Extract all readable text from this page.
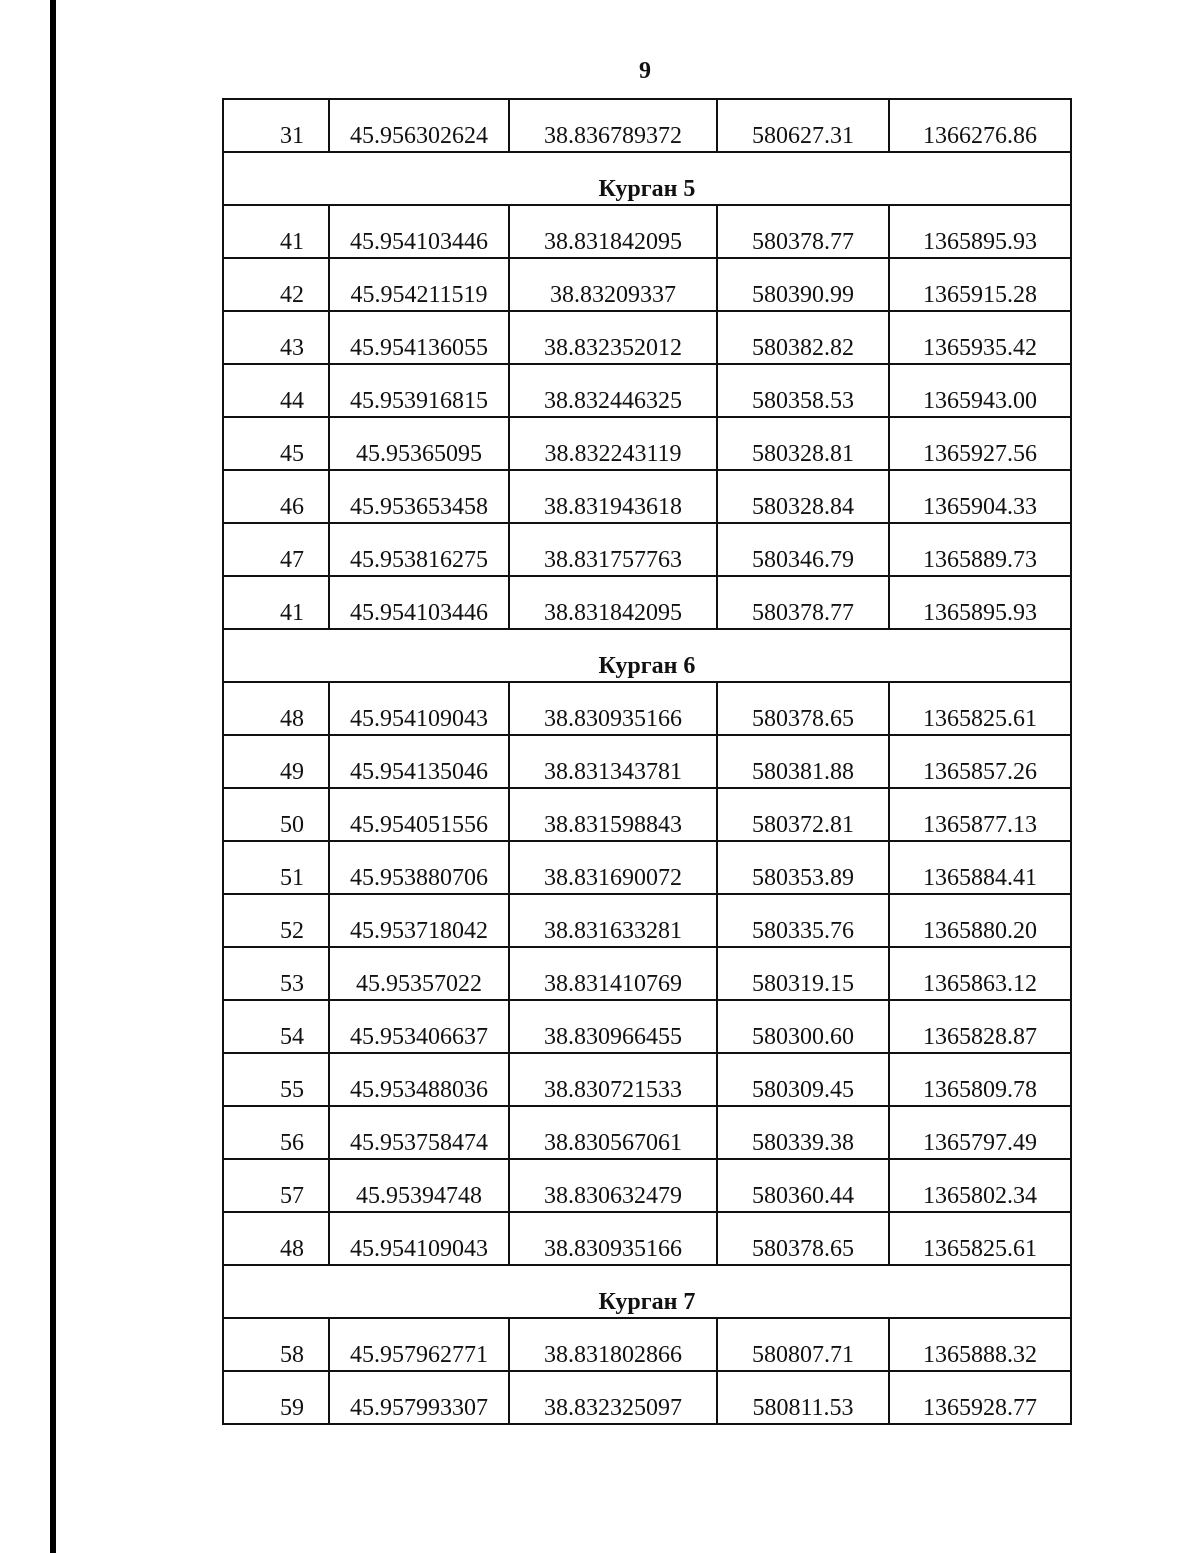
9
31	45.956302624	38.836789372	580627.31	1366276.86
Курган 5				
41	45.954103446	38.831842095	580378.77	1365895.93
42	45.954211519	38.83209337	580390.99	1365915.28
43	45.954136055	38.832352012	580382.82	1365935.42
44	45.953916815	38.832446325	580358.53	1365943.00
45	45.95365095	38.832243119	580328.81	1365927.56
46	45.953653458	38.831943618	580328.84	1365904.33
47	45.953816275	38.831757763	580346.79	1365889.73
41	45.954103446	38.831842095	580378.77	1365895.93
Курган 6				
48	45.954109043	38.830935166	580378.65	1365825.61
49	45.954135046	38.831343781	580381.88	1365857.26
50	45.954051556	38.831598843	580372.81	1365877.13
51	45.953880706	38.831690072	580353.89	1365884.41
52	45.953718042	38.831633281	580335.76	1365880.20
53	45.95357022	38.831410769	580319.15	1365863.12
54	45.953406637	38.830966455	580300.60	1365828.87
55	45.953488036	38.830721533	580309.45	1365809.78
56	45.953758474	38.830567061	580339.38	1365797.49
57	45.95394748	38.830632479	580360.44	1365802.34
48	45.954109043	38.830935166	580378.65	1365825.61
Курган 7				
58	45.957962771	38.831802866	580807.71	1365888.32
59	45.957993307	38.832325097	580811.53	1365928.77
